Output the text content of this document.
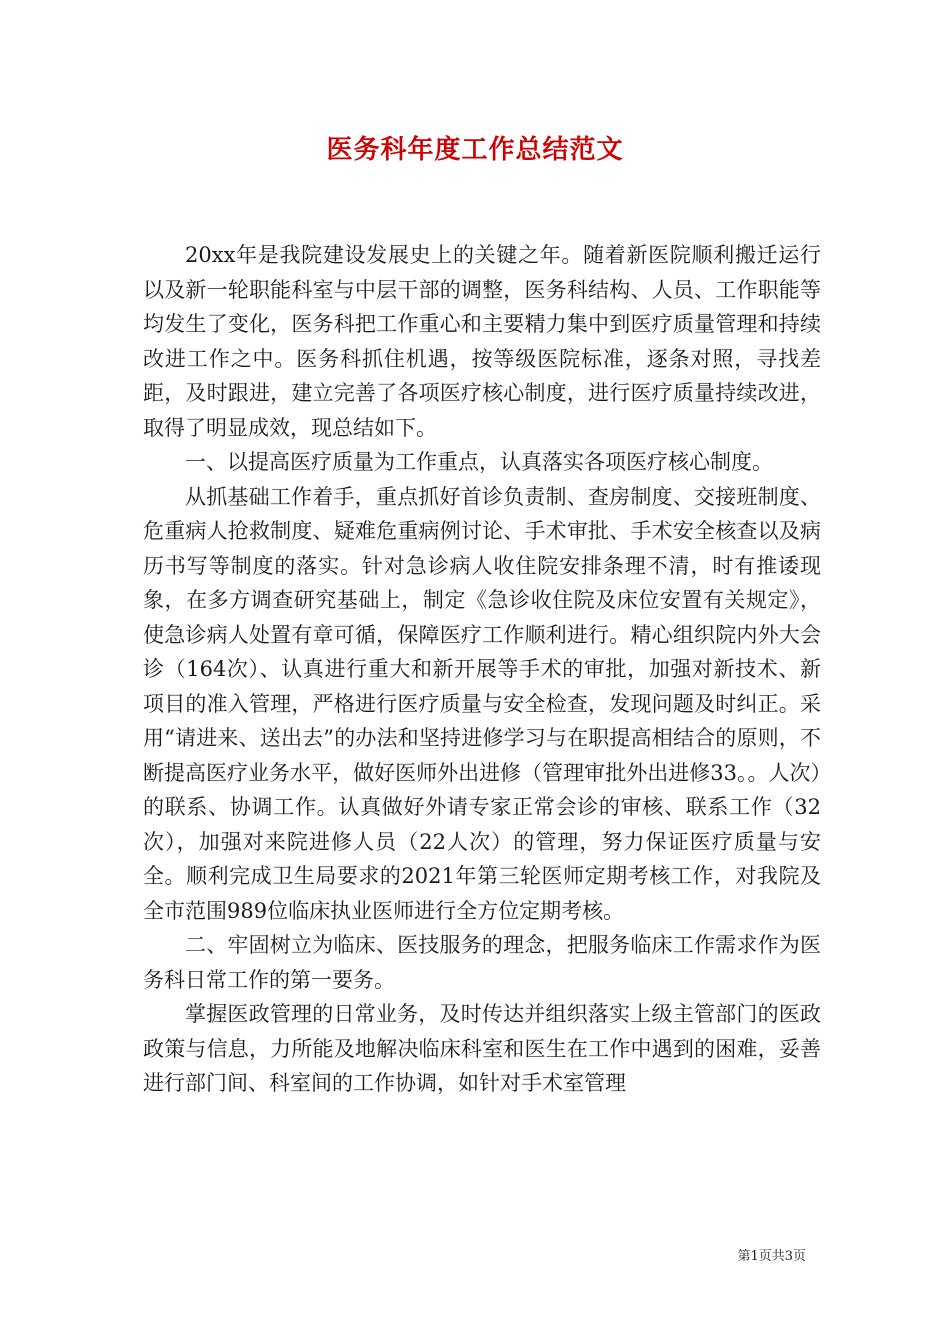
医务科年度工作总结范文

20xx年是我院建设发展史上的关键之年。随着新医院顺利搬迁运行以及新一轮职能科室与中层干部的调整，医务科结构、人员、工作职能等均发生了变化，医务科把工作重心和主要精力集中到医疗质量管理和持续改进工作之中。医务科抓住机遇，按等级医院标准，逐条对照，寻找差距，及时跟进，建立完善了各项医疗核心制度，进行医疗质量持续改进，取得了明显成效，现总结如下。

一、以提高医疗质量为工作重点，认真落实各项医疗核心制度。

从抓基础工作着手，重点抓好首诊负责制、查房制度、交接班制度、危重病人抢救制度、疑难危重病例讨论、手术审批、手术安全核查以及病历书写等制度的落实。针对急诊病人收住院安排条理不清，时有推诿现象，在多方调查研究基础上，制定《急诊收住院及床位安置有关规定》，使急诊病人处置有章可循，保障医疗工作顺利进行。精心组织院内外大会诊（164次）、认真进行重大和新开展等手术的审批，加强对新技术、新项目的准入管理，严格进行医疗质量与安全检查，发现问题及时纠正。采用“请进来、送出去”的办法和坚持进修学习与在职提高相结合的原则，不断提高医疗业务水平，做好医师外出进修（管理审批外出进修33。。人次）的联系、协调工作。认真做好外请专家正常会诊的审核、联系工作（32次），加强对来院进修人员（22人次）的管理，努力保证医疗质量与安全。顺利完成卫生局要求的2021年第三轮医师定期考核工作，对我院及全市范围989位临床执业医师进行全方位定期考核。

二、牢固树立为临床、医技服务的理念，把服务临床工作需求作为医务科日常工作的第一要务。

掌握医政管理的日常业务，及时传达并组织落实上级主管部门的医政政策与信息，力所能及地解决临床科室和医生在工作中遇到的困难，妥善进行部门间、科室间的工作协调，如针对手术室管理

第1页共3页
